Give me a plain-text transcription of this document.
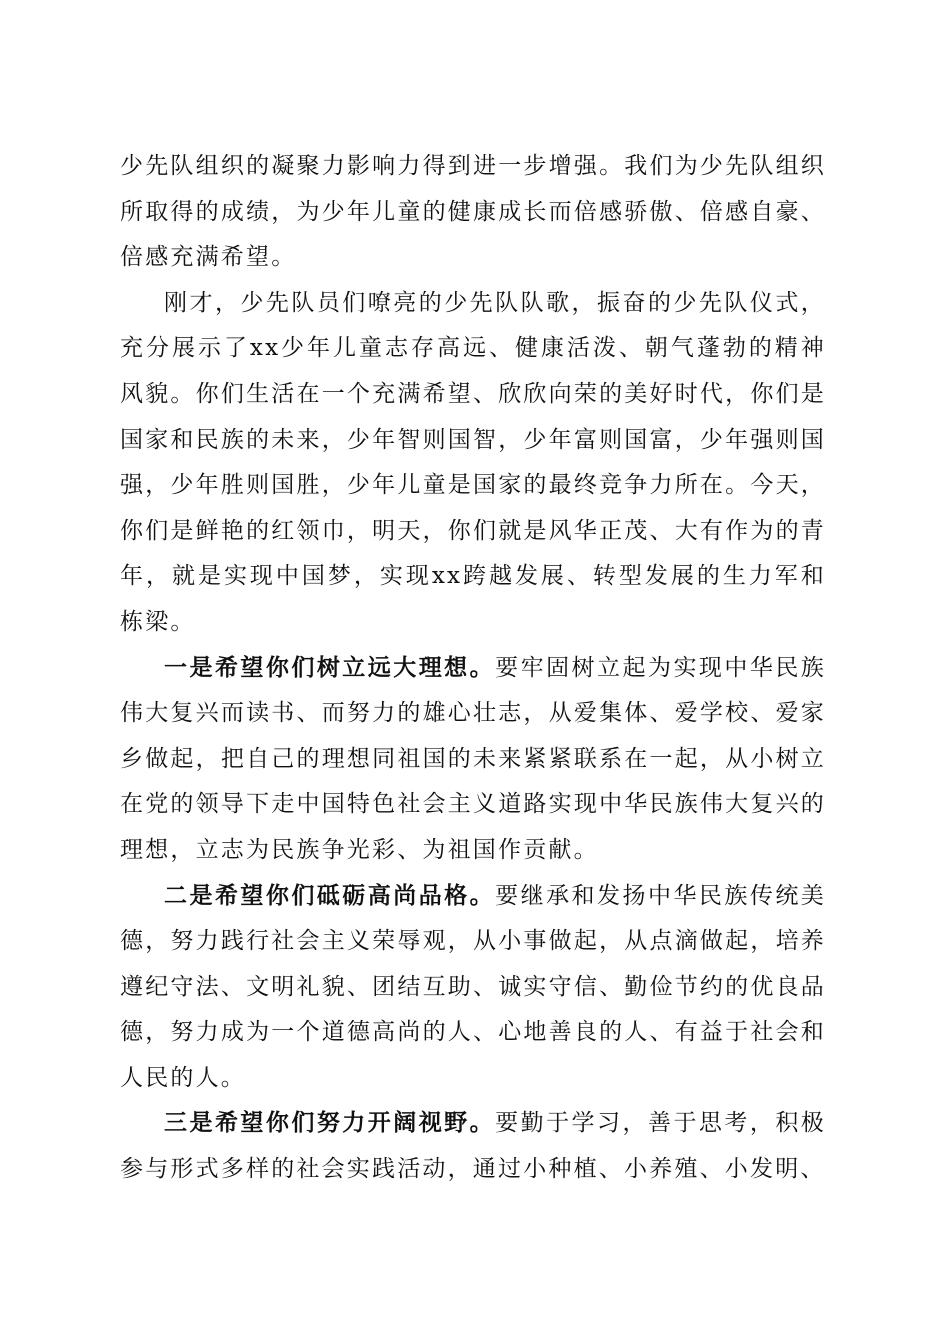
少先队组织的凝聚力影响力得到进一步增强。我们为少先队组织所取得的成绩，为少年儿童的健康成长而倍感骄傲、倍感自豪、倍感充满希望。

刚才，少先队员们嘹亮的少先队队歌，振奋的少先队仪式，充分展示了xx少年儿童志存高远、健康活泼、朝气蓬勃的精神风貌。你们生活在一个充满希望、欣欣向荣的美好时代，你们是国家和民族的未来，少年智则国智，少年富则国富，少年强则国强，少年胜则国胜，少年儿童是国家的最终竞争力所在。今天，你们是鲜艳的红领巾，明天，你们就是风华正茂、大有作为的青年，就是实现中国梦，实现xx跨越发展、转型发展的生力军和栋梁。

一是希望你们树立远大理想。要牢固树立起为实现中华民族伟大复兴而读书、而努力的雄心壮志，从爱集体、爱学校、爱家乡做起，把自己的理想同祖国的未来紧紧联系在一起，从小树立在党的领导下走中国特色社会主义道路实现中华民族伟大复兴的理想，立志为民族争光彩、为祖国作贡献。

二是希望你们砥砺高尚品格。要继承和发扬中华民族传统美德，努力践行社会主义荣辱观，从小事做起，从点滴做起，培养遵纪守法、文明礼貌、团结互助、诚实守信、勤俭节约的优良品德，努力成为一个道德高尚的人、心地善良的人、有益于社会和人民的人。

三是希望你们努力开阔视野。要勤于学习，善于思考，积极参与形式多样的社会实践活动，通过小种植、小养殖、小发明、
